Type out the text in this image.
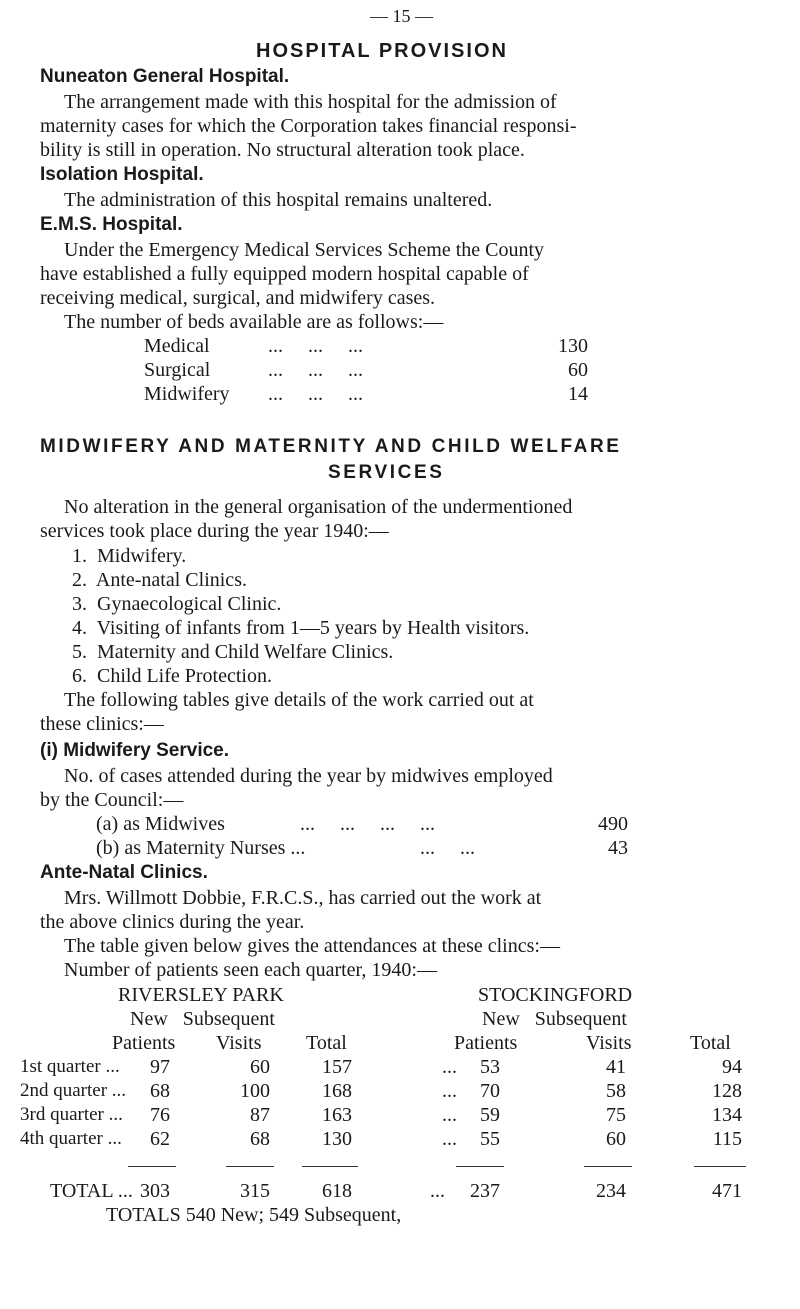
— 15 —
HOSPITAL PROVISION
Nuneaton General Hospital.
The arrangement made with this hospital for the admission of
maternity cases for which the Corporation takes financial responsi-
bility is still in operation. No structural alteration took place.
Isolation Hospital.
The administration of this hospital remains unaltered.
E.M.S. Hospital.
Under the Emergency Medical Services Scheme the County
have established a fully equipped modern hospital capable of
receiving medical, surgical, and midwifery cases.
The number of beds available are as follows:—
Medical	...     ...     ...	130
Surgical	...     ...     ...	60
Midwifery ...     ...     ...	14
MIDWIFERY AND MATERNITY AND CHILD WELFARE
SERVICES
No alteration in the general organisation of the undermentioned
services took place during the year 1940:—
1.  Midwifery.
2.  Ante-natal Clinics.
3.  Gynaecological Clinic.
4.  Visiting of infants from 1—5 years by Health visitors.
5.  Maternity and Child Welfare Clinics.
6.  Child Life Protection.
The following tables give details of the work carried out at
these clinics:—
(i) Midwifery Service.
No. of cases attended during the year by midwives employed
by the Council:—
(a) as Midwives	...     ...     ...     ...	490
(b) as Maternity Nurses ...	...     ...	43
Ante-Natal Clinics.
Mrs. Willmott Dobbie, F.R.C.S., has carried out the work at
the above clinics during the year.
The table given below gives the attendances at these clincs:—
Number of patients seen each quarter, 1940:—
RIVERSLEY PARK	STOCKINGFORD
New   Subsequent	New   Subsequent
Patients Visits Total	Patients	Visits	Total
1st quarter ...	97	60	157	...	53	41	94
2nd quarter ...	68	100	168	...	70	58	128
3rd quarter ...	76	87	163	...	59	75	134
4th quarter ...	62	68	130	...	55	60	115
TOTAL ... 303	315	618	...	237	234	471
TOTALS 540 New; 549 Subsequent,
